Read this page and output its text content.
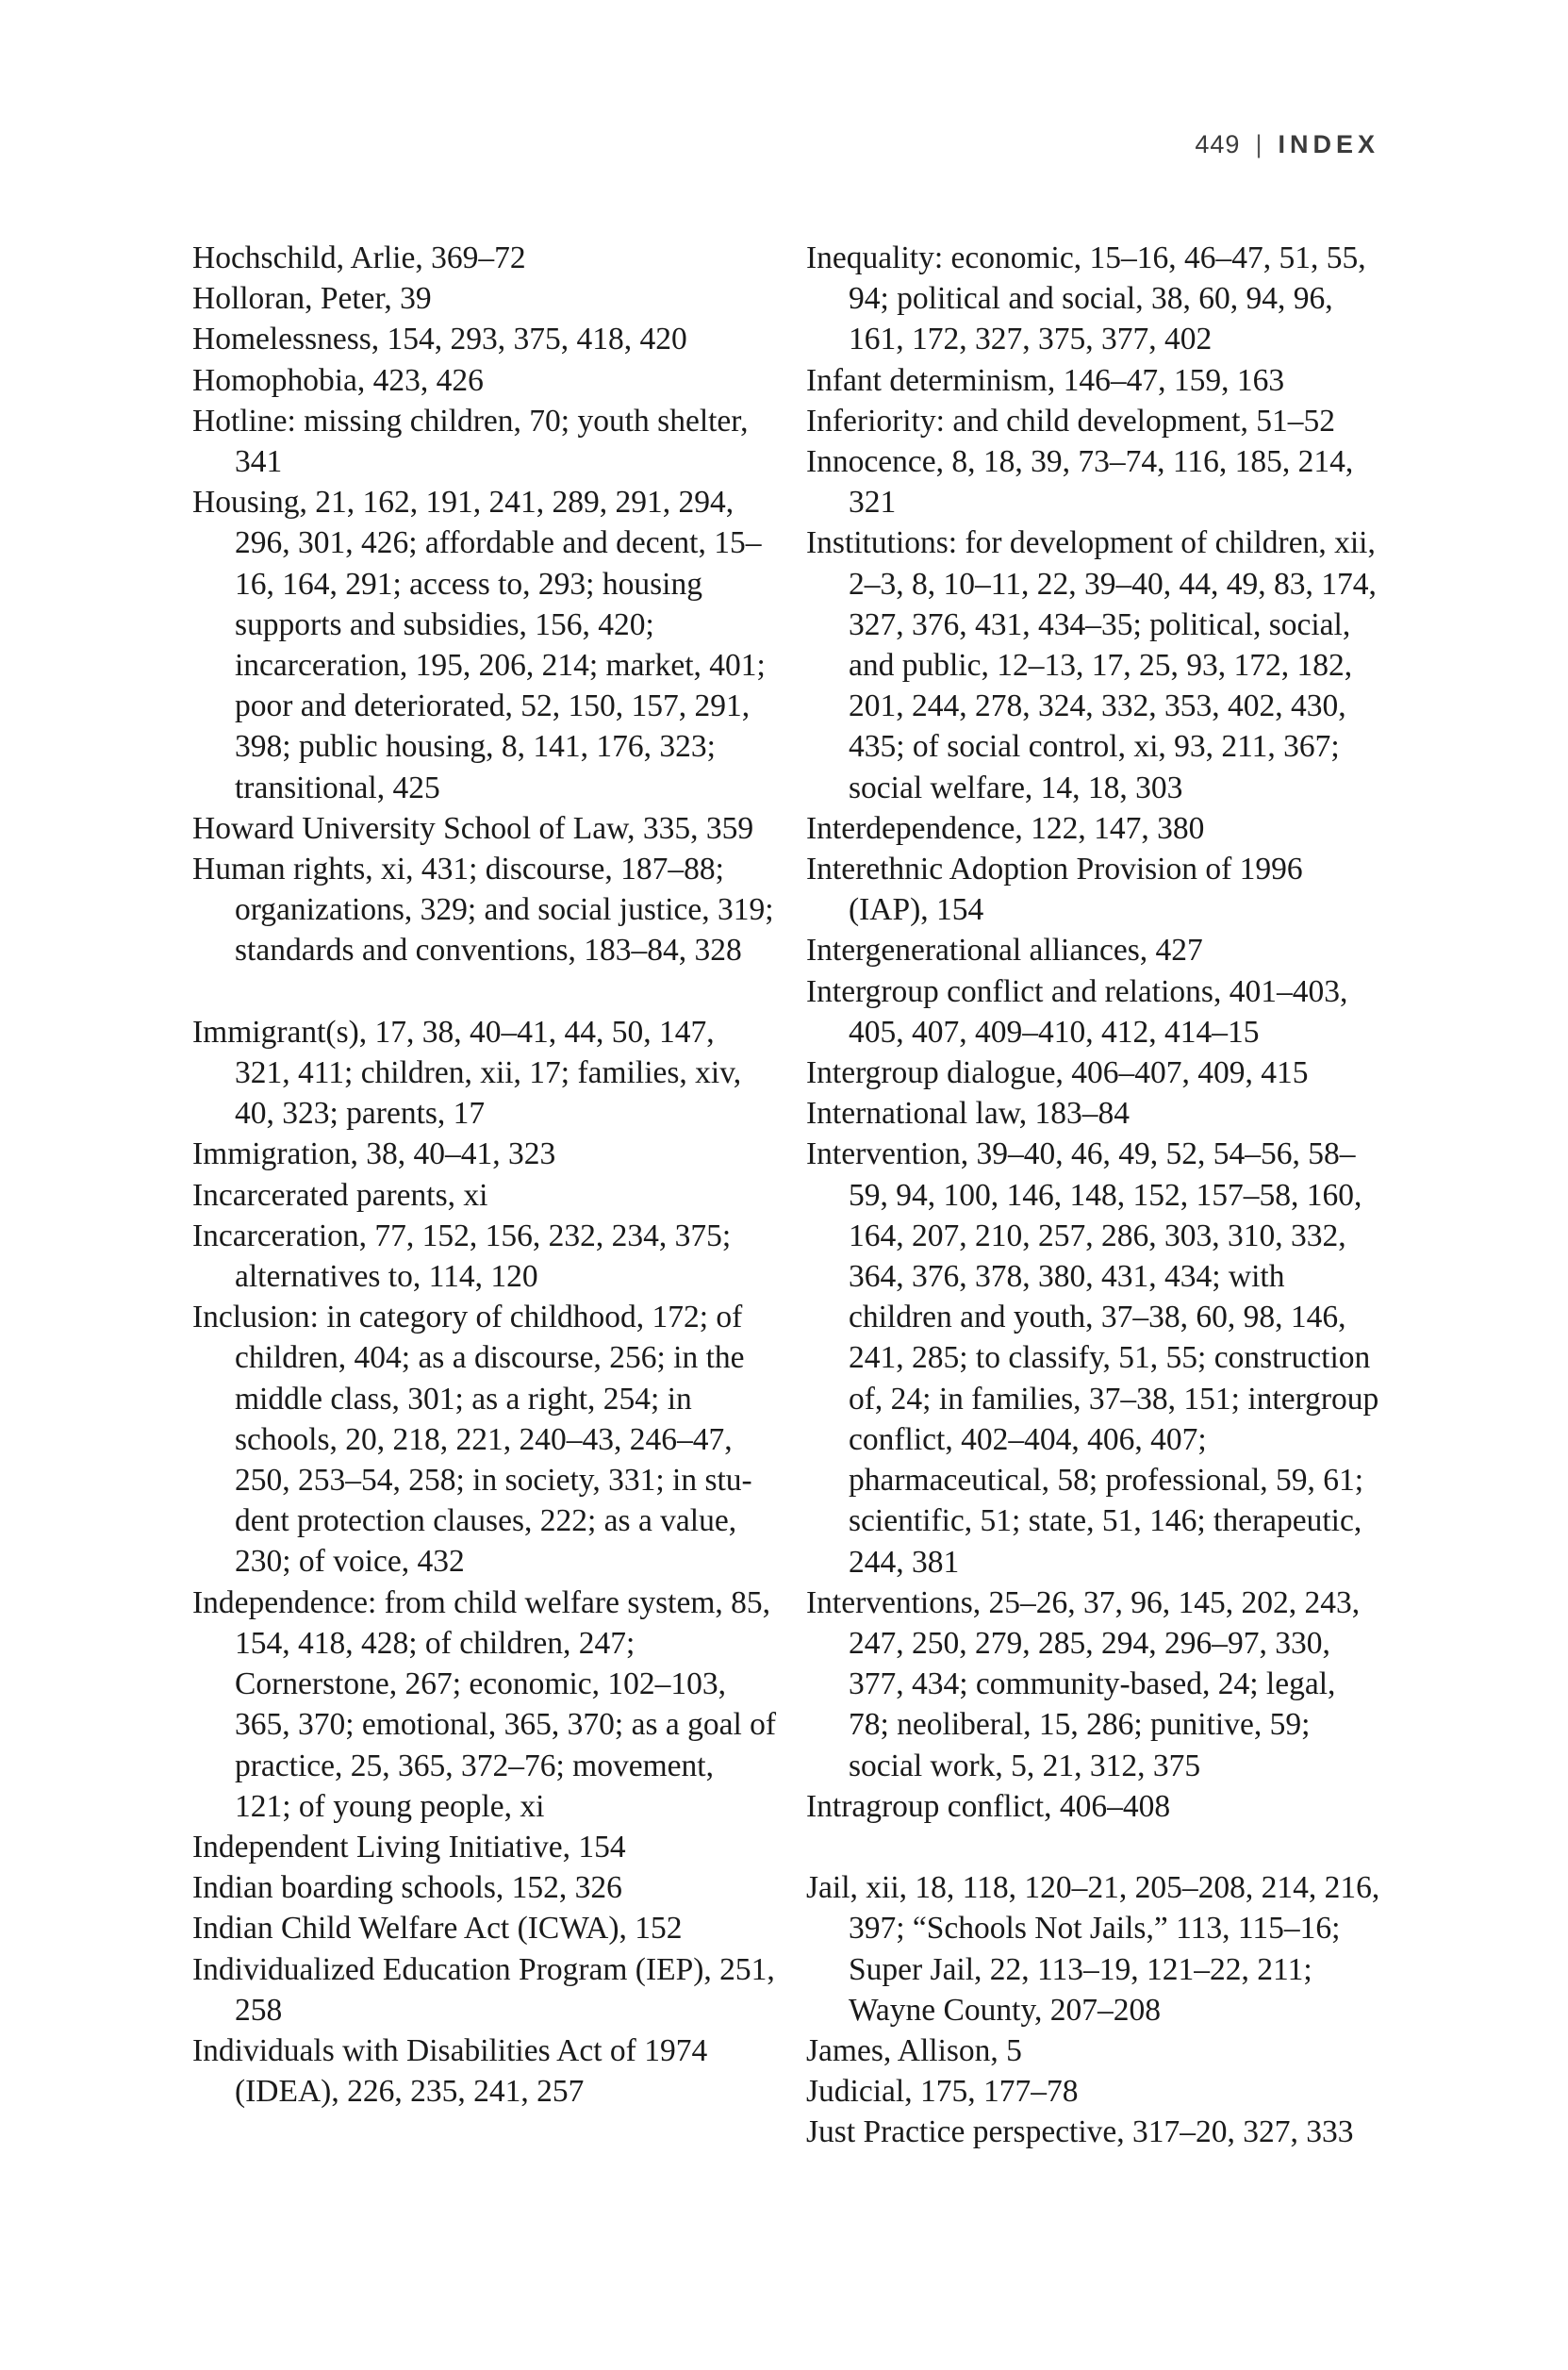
449 | INDEX

Hochschild, Arlie, 369–72

Holloran, Peter, 39

Homelessness, 154, 293, 375, 418, 420

Homophobia, 423, 426

Hotline: missing children, 70; youth shelter, 341

Housing, 21, 162, 191, 241, 289, 291, 294, 296, 301, 426; affordable and decent, 15–16, 164, 291; access to, 293; housing supports and subsidies, 156, 420; incarceration, 195, 206, 214; market, 401; poor and deteriorated, 52, 150, 157, 291, 398; public housing, 8, 141, 176, 323; transitional, 425

Howard University School of Law, 335, 359

Human rights, xi, 431; discourse, 187–88; organizations, 329; and social justice, 319; standards and conventions, 183–84, 328

Immigrant(s), 17, 38, 40–41, 44, 50, 147, 321, 411; children, xii, 17; families, xiv, 40, 323; parents, 17

Immigration, 38, 40–41, 323

Incarcerated parents, xi

Incarceration, 77, 152, 156, 232, 234, 375; alternatives to, 114, 120

Inclusion: in category of childhood, 172; of children, 404; as a discourse, 256; in the middle class, 301; as a right, 254; in schools, 20, 218, 221, 240–43, 246–47, 250, 253–54, 258; in society, 331; in student protection clauses, 222; as a value, 230; of voice, 432

Independence: from child welfare system, 85, 154, 418, 428; of children, 247; Cornerstone, 267; economic, 102–103, 365, 370; emotional, 365, 370; as a goal of practice, 25, 365, 372–76; movement, 121; of young people, xi

Independent Living Initiative, 154

Indian boarding schools, 152, 326

Indian Child Welfare Act (ICWA), 152

Individualized Education Program (IEP), 251, 258

Individuals with Disabilities Act of 1974 (IDEA), 226, 235, 241, 257

Inequality: economic, 15–16, 46–47, 51, 55, 94; political and social, 38, 60, 94, 96, 161, 172, 327, 375, 377, 402

Infant determinism, 146–47, 159, 163

Inferiority: and child development, 51–52

Innocence, 8, 18, 39, 73–74, 116, 185, 214, 321

Institutions: for development of children, xii, 2–3, 8, 10–11, 22, 39–40, 44, 49, 83, 174, 327, 376, 431, 434–35; political, social, and public, 12–13, 17, 25, 93, 172, 182, 201, 244, 278, 324, 332, 353, 402, 430, 435; of social control, xi, 93, 211, 367; social welfare, 14, 18, 303

Interdependence, 122, 147, 380

Interethnic Adoption Provision of 1996 (IAP), 154

Intergenerational alliances, 427

Intergroup conflict and relations, 401–403, 405, 407, 409–410, 412, 414–15

Intergroup dialogue, 406–407, 409, 415

International law, 183–84

Intervention, 39–40, 46, 49, 52, 54–56, 58–59, 94, 100, 146, 148, 152, 157–58, 160, 164, 207, 210, 257, 286, 303, 310, 332, 364, 376, 378, 380, 431, 434; with children and youth, 37–38, 60, 98, 146, 241, 285; to classify, 51, 55; construction of, 24; in families, 37–38, 151; intergroup conflict, 402–404, 406, 407; pharmaceutical, 58; professional, 59, 61; scientific, 51; state, 51, 146; therapeutic, 244, 381

Interventions, 25–26, 37, 96, 145, 202, 243, 247, 250, 279, 285, 294, 296–97, 330, 377, 434; community-based, 24; legal, 78; neoliberal, 15, 286; punitive, 59; social work, 5, 21, 312, 375

Intragroup conflict, 406–408

Jail, xii, 18, 118, 120–21, 205–208, 214, 216, 397; “Schools Not Jails,” 113, 115–16; Super Jail, 22, 113–19, 121–22, 211; Wayne County, 207–208

James, Allison, 5

Judicial, 175, 177–78

Just Practice perspective, 317–20, 327, 333
